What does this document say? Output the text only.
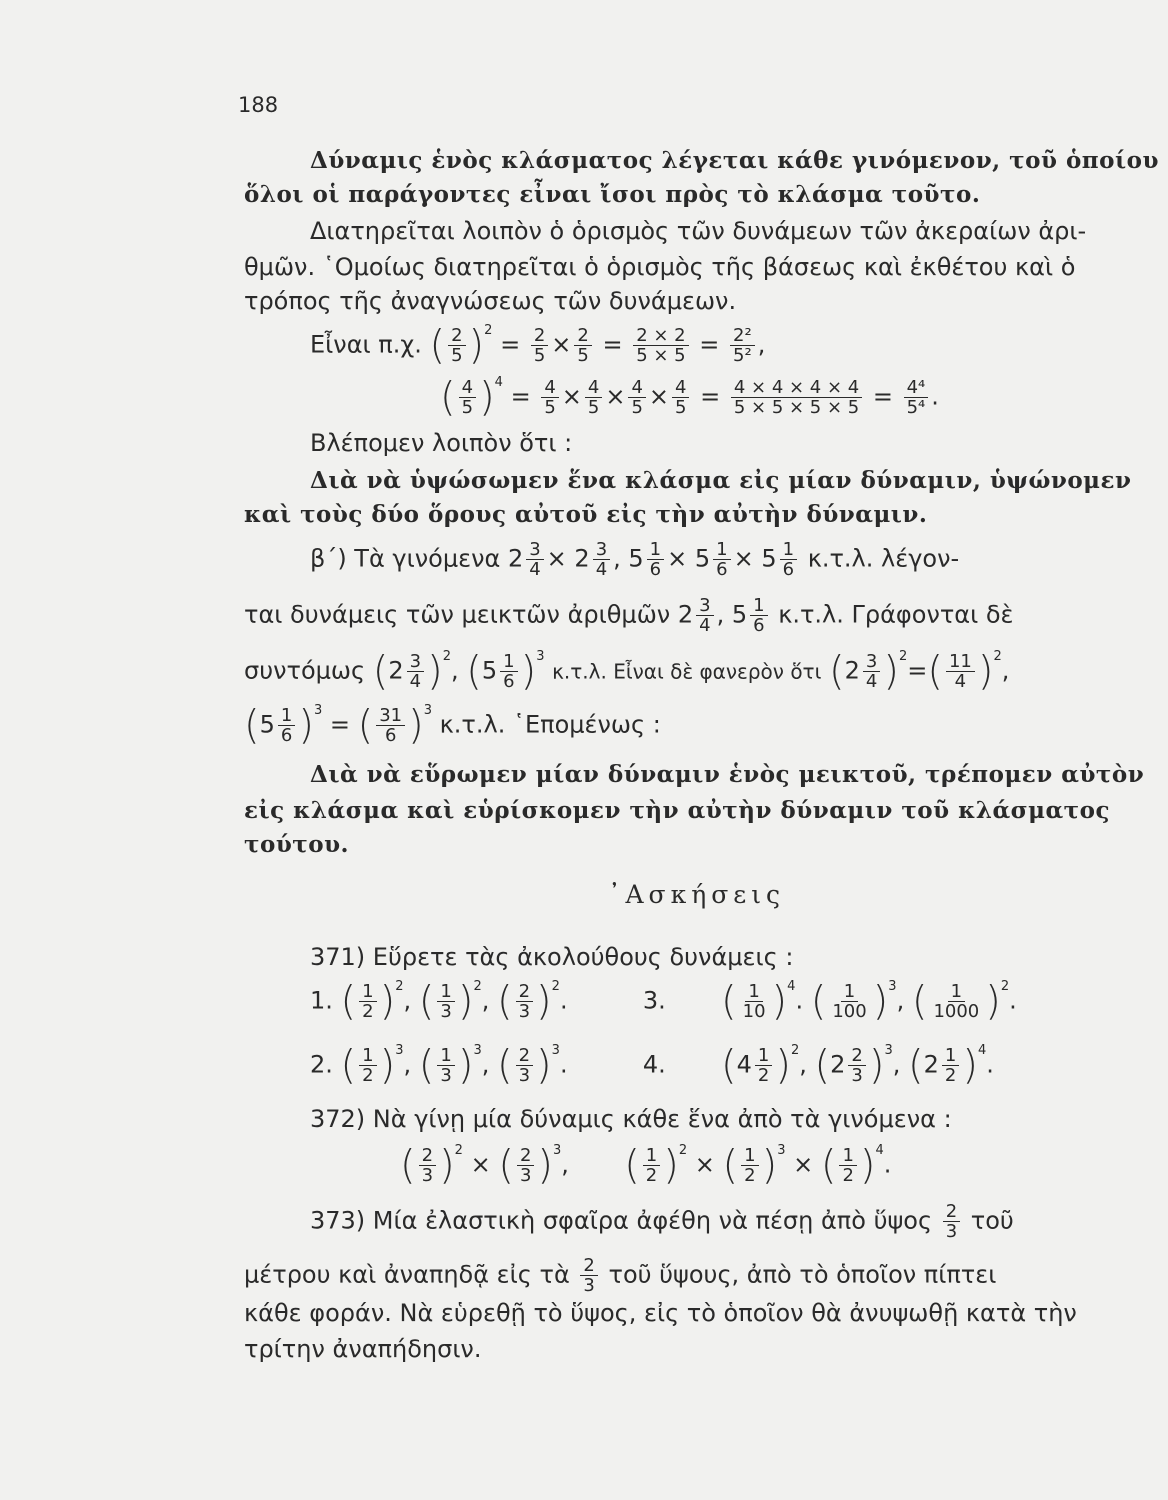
188
Δύναμις ἑνὸς κλάσματος λέγεται κάθε γινόμενον, τοῦ ὁποίου
ὅλοι οἱ παράγοντες εἶναι ἴσοι πρὸς τὸ κλάσμα τοῦτο.
Διατηρεῖται λοιπὸν ὁ ὁρισμὸς τῶν δυνάμεων τῶν ἀκεραίων ἀρι-
θμῶν. ῾Ομοίως διατηρεῖται ὁ ὁρισμὸς τῆς βάσεως καὶ ἐκθέτου καὶ ὁ
τρόπος τῆς ἀναγνώσεως τῶν δυνάμεων.
Εἶναι π.χ. ( $\frac{2}{5} )^2 = \frac{2}{5} \times \frac{2}{5} = \frac{2 \times 2}{5 \times 5} = \frac{\text{2²}}{\text{5²}}$ ,
( $\frac{4}{5} )^4 = \frac{4}{5} \times \frac{4}{5} \times \frac{4}{5} \times \frac{4}{5} = \frac{4 \times 4 \times 4 \times 4}{5 \times 5 \times 5 \times 5} = \frac{\text{4⁴}}{\text{5⁴}}$ .
Βλέπομεν λοιπὸν ὅτι :
Διὰ νὰ ὑψώσωμεν ἕνα κλάσμα εἰς μίαν δύναμιν, ὑψώνομεν
καὶ τοὺς δύο ὅρους αὐτοῦ εἰς τὴν αὐτὴν δύναμιν.
β΄) Τὰ γινόμενα $2 \frac{3}{4} \times 2 \frac{3}{4}$ , $5 \frac{1}{6} \times 5 \frac{1}{6} \times 5 \frac{1}{6} \kappa.\tau.\lambda$. λέγον-
ται δυνάμεις τῶν μεικτῶν ἀριθμῶν $2 \frac{3}{4}$ , $5 \frac{1}{6} \kappa.\tau.\lambda$. Γράφονται δὲ
συντόμως $(2 \frac{3}{4} )^2$, $(5 \frac{1}{6} )^3$ κ.τ.λ. Εἶναι δὲ φανερὸν ὅτι $(2 \frac{3}{4} )^2=( \frac{11}{4} )^2$,
$(5 \frac{1}{6} )^3$ = ( $\frac{31}{6} )^3$ κ.τ.λ. ῾Επομένως :
Διὰ νὰ εὕρωμεν μίαν δύναμιν ἑνὸς μεικτοῦ, τρέπομεν αὐτὸν
εἰς κλάσμα καὶ εὑρίσκομεν τὴν αὐτὴν δύναμιν τοῦ κλάσματος
τούτου.
᾿Ασκήσεις
371) Εὕρετε τὰς ἀκολούθους δυνάμεις :
1. ( $\frac{1}{2} )^2$, ( $\frac{1}{3} )^2$, ( $\frac{2}{3} )^2$.	3. ( $\frac{1}{10} )^4$. ( $\frac{1}{100} )^3$, ( $\frac{1}{1000} )^2$.
2. ( $\frac{1}{2} )^3$, ( $\frac{1}{3} )^3$, ( $\frac{2}{3} )^3$.	4. $(4 \frac{1}{2} )^2$, $(2 \frac{2}{3} )^3$, $(2 \frac{1}{2} )^4$.
372) Νὰ γίνῃ μία δύναμις κάθε ἕνα ἀπὸ τὰ γινόμενα :
( $\frac{2}{3} )^2$ × ( $\frac{2}{3} )^3$,  ( $\frac{1}{2} )^2$ × ( $\frac{1}{2} )^3$ × ( $\frac{1}{2} )^4$.
373) Μία ἐλαστικὴ σφαῖρα ἀφέθη νὰ πέσῃ ἀπὸ ὕψος $\frac{2}{3}$ τοῦ
μέτρου καὶ ἀναπηδᾷ εἰς τὰ $\frac{2}{3}$ τοῦ ὕψους, ἀπὸ τὸ ὁποῖον πίπτει
κάθε φοράν. Νὰ εὑρεθῇ τὸ ὕψος, εἰς τὸ ὁποῖον θὰ ἀνυψωθῇ κατὰ τὴν
τρίτην ἀναπήδησιν.
